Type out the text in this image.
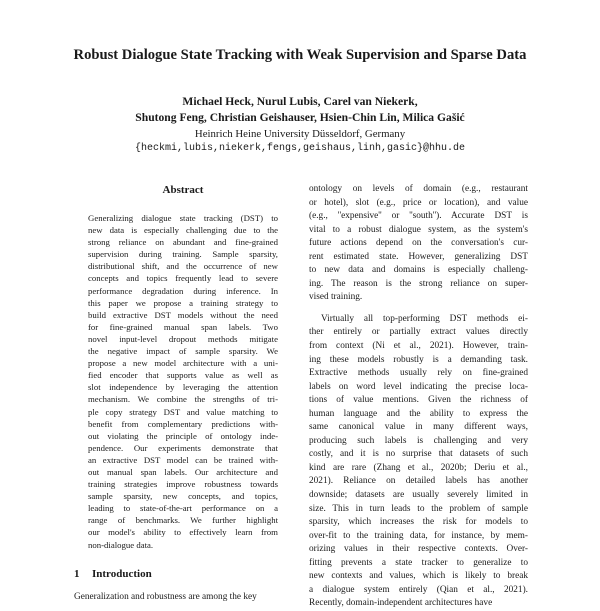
Robust Dialogue State Tracking with Weak Supervision and Sparse Data
Michael Heck, Nurul Lubis, Carel van Niekerk,
Shutong Feng, Christian Geishauser, Hsien-Chin Lin, Milica Gašić
Heinrich Heine University Düsseldorf, Germany
{heckmi,lubis,niekerk,fengs,geishaus,linh,gasic}@hhu.de
Abstract
Generalizing dialogue state tracking (DST) to
new data is especially challenging due to the
strong reliance on abundant and fine-grained
supervision during training. Sample sparsity,
distributional shift, and the occurrence of new
concepts and topics frequently lead to severe
performance degradation during inference. In
this paper we propose a training strategy to
build extractive DST models without the need
for fine-grained manual span labels. Two
novel input-level dropout methods mitigate
the negative impact of sample sparsity. We
propose a new model architecture with a uni-
fied encoder that supports value as well as
slot independence by leveraging the attention
mechanism. We combine the strengths of tri-
ple copy strategy DST and value matching to
benefit from complementary predictions with-
out violating the principle of ontology inde-
pendence. Our experiments demonstrate that
an extractive DST model can be trained with-
out manual span labels. Our architecture and
training strategies improve robustness towards
sample sparsity, new concepts, and topics,
leading to state-of-the-art performance on a
range of benchmarks. We further highlight
our model's ability to effectively learn from
non-dialogue data.
1 Introduction
Generalization and robustness are among the key
ontology on levels of domain (e.g., restaurant
or hotel), slot (e.g., price or location), and value
(e.g., ''expensive'' or ''south''). Accurate DST is
vital to a robust dialogue system, as the system's
future actions depend on the conversation's cur-
rent estimated state. However, generalizing DST
to new data and domains is especially challeng-
ing. The reason is the strong reliance on super-
vised training.
Virtually all top-performing DST methods ei-
ther entirely or partially extract values directly
from context (Ni et al., 2021). However, train-
ing these models robustly is a demanding task.
Extractive methods usually rely on fine-grained
labels on word level indicating the precise loca-
tions of value mentions. Given the richness of
human language and the ability to express the
same canonical value in many different ways,
producing such labels is challenging and very
costly, and it is no surprise that datasets of such
kind are rare (Zhang et al., 2020b; Deriu et al.,
2021). Reliance on detailed labels has another
downside; datasets are usually severely limited in
size. This in turn leads to the problem of sample
sparsity, which increases the risk for models to
over-fit to the training data, for instance, by mem-
orizing values in their respective contexts. Over-
fitting prevents a state tracker to generalize to
new contexts and values, which is likely to break
a dialogue system entirely (Qian et al., 2021).
Recently, domain-independent architectures have
